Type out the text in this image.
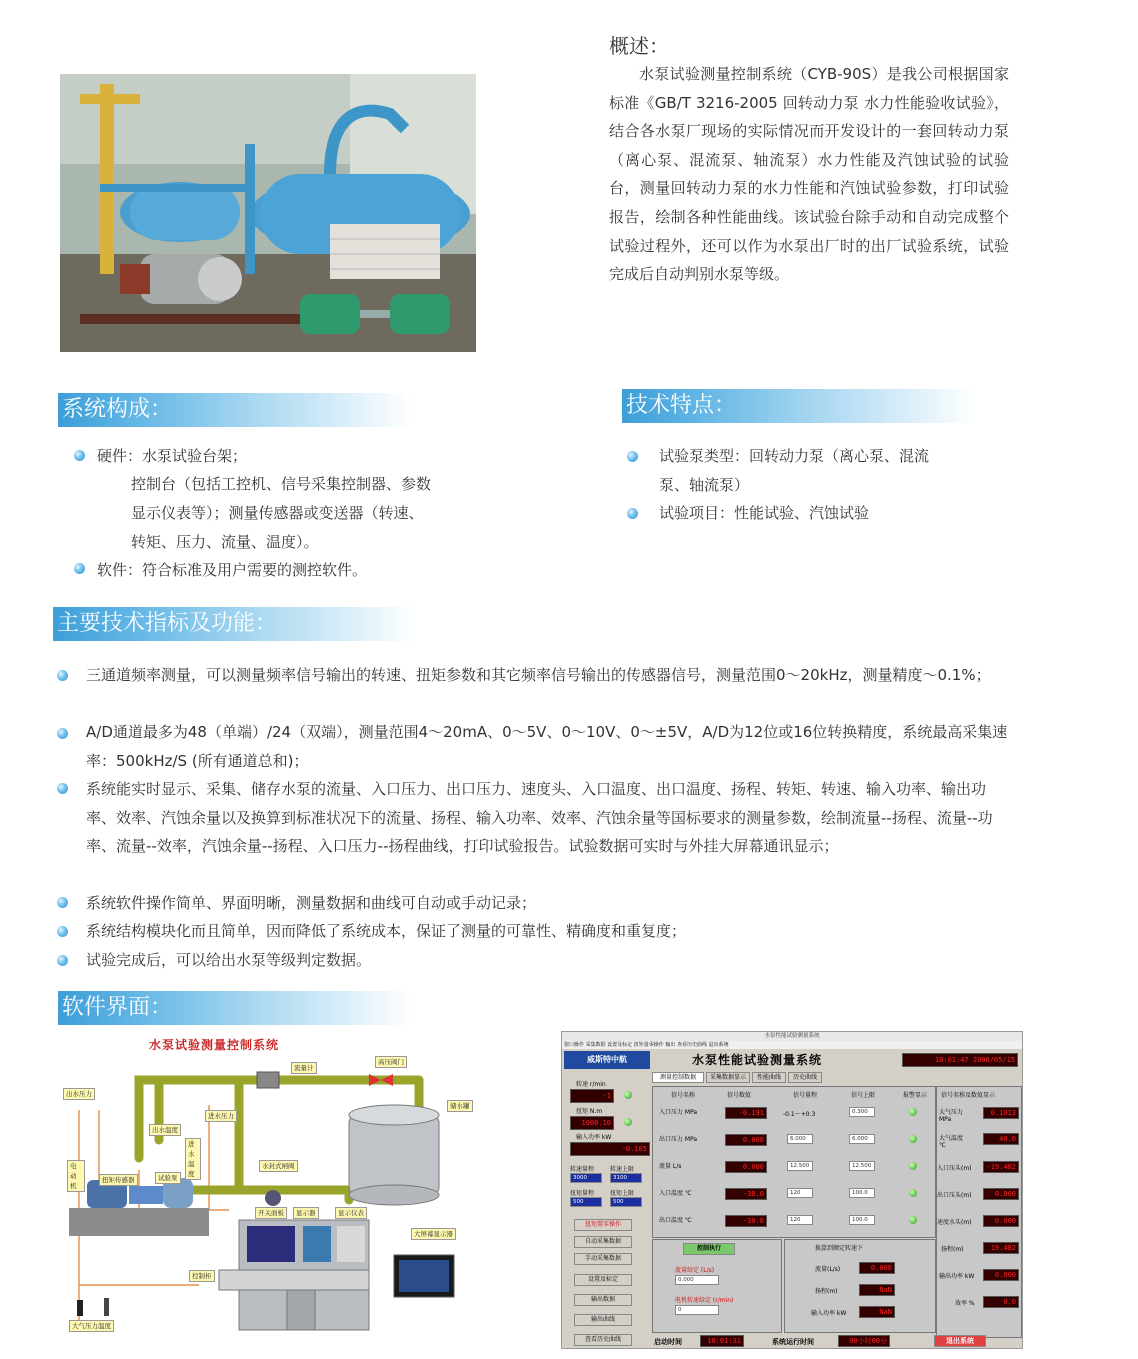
概述：
水泵试验测量控制系统（CYB-90S）是我公司根据国家标准《GB/T 3216-2005 回转动力泵 水力性能验收试验》，结合各水泵厂现场的实际情况而开发设计的一套回转动力泵（离心泵、混流泵、轴流泵）水力性能及汽蚀试验的试验台，测量回转动力泵的水力性能和汽蚀试验参数，打印试验报告，绘制各种性能曲线。该试验台除手动和自动完成整个试验过程外，还可以作为水泵出厂时的出厂试验系统，试验完成后自动判别水泵等级。
系统构成：
硬件：水泵试验台架；
控制台（包括工控机、信号采集控制器、参数
显示仪表等）；测量传感器或变送器（转速、
转矩、压力、流量、温度）。
软件：符合标准及用户需要的测控软件。
技术特点：
试验泵类型：回转动力泵（离心泵、混流
泵、轴流泵）
试验项目：性能试验、汽蚀试验
主要技术指标及功能：
三通道频率测量，可以测量频率信号输出的转速、扭矩参数和其它频率信号输出的传感器信号，测量范围0～20kHz，测量精度～0.1%；
A/D通道最多为48（单端）/24（双端），测量范围4～20mA、0～5V、0～10V、0～±5V，A/D为12位或16位转换精度，系统最高采集速率：500kHz/S (所有通道总和)；
系统能实时显示、采集、储存水泵的流量、入口压力、出口压力、速度头、入口温度、出口温度、扬程、转矩、转速、输入功率、输出功率、效率、汽蚀余量以及换算到标准状况下的流量、扬程、输入功率、效率、汽蚀余量等国标要求的测量参数，绘制流量--扬程、流量--功率、流量--效率，汽蚀余量--扬程、入口压力--扬程曲线，打印试验报告。试验数据可实时与外挂大屏幕通讯显示；
系统软件操作简单、界面明晰，测量数据和曲线可自动或手动记录；
系统结构模块化而且简单，因而降低了系统成本，保证了测量的可靠性、精确度和重复度；
试验完成后，可以给出水泵等级判定数据。
软件界面：
水泵试验测量控制系统
出水压力
流量计
高压阀门
储水罐
出水温度
进水压力
进水温度
电动机
扭矩传感器	试验泵
水封式闸阀
开关面板	显示器	显示仪表
大屏幕显示器
控制柜
大气压力温度
水泵性能试验测量系统
窗口操作 采集数据 设置及标定 扭矩量零操作 输出 查看历史曲线 退出系统
威斯特中航	水泵性能试验测量系统	18:01:47 2008/05/15
测量控制数据	采集数据显示	性能曲线	历史曲线
转速 r/min
-1
扭矩 N.m
1000.10
输入功率 kW
-0.105
转速量程
3000
转速上限
3100
扭矩量程
500
扭矩上限
500
扭矩置零操作
自动采集数据
手动采集数据
设置及标定
输出数据
输出曲线
查看历史曲线
信号名称	信号数值	信号量程	信号上限	报警显示
入口压力 MPa	-0.191	-0.1～+0.3	0.300
出口压力 MPa	0.000	6.000	6.000
流量 L/s	0.000	12.500	12.500
入口温度 ℃	-30.0	120	100.0
出口温度 ℃	-30.0	120	100.0
信号名称及数值显示
大气压力 MPa
0.1013
大气温度 ℃
40.0
入口压头(m)	-19.482
出口压头(m)	0.000
速度水头(m)	0.000
扬程(m)	19.482
输出功率 kW	0.000
效率 %	0.0
控制执行
流量给定 (L/s)
0.000
电机转速给定 (r/min)
0
换算到额定转速下
流量(L/s)	0.000
扬程(m)	NaN
输入功率 kW	NaN
启动时间	18:01:31	系统运行时间	00小时00分	退出系统
